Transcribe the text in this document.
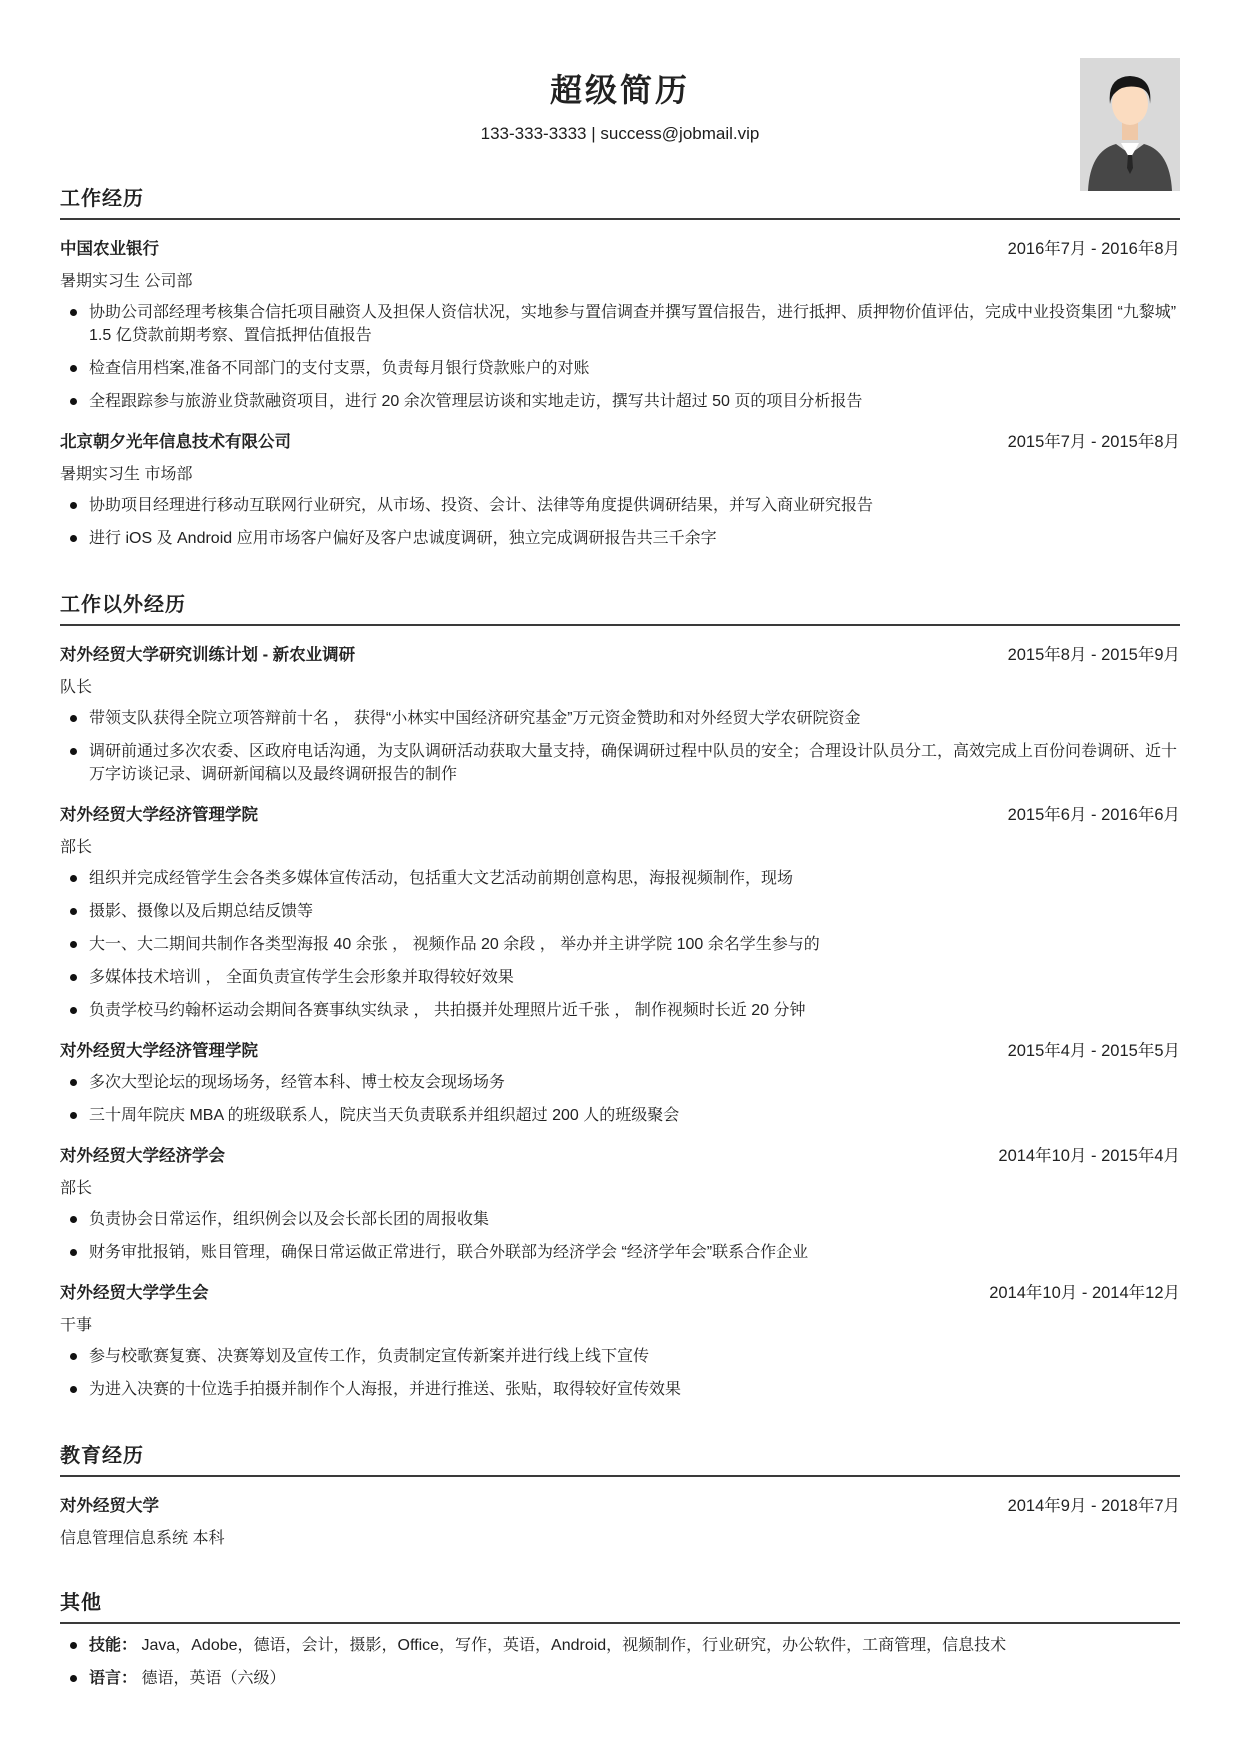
超级简历
133-333-3333 | success@jobmail.vip
工作经历
中国农业银行	2016年7月 - 2016年8月
暑期实习生 公司部
协助公司部经理考核集合信托项目融资人及担保人资信状况，实地参与置信调查并撰写置信报告，进行抵押、质押物价值评估，完成中业投资集团 “九黎城”1.5 亿贷款前期考察、置信抵押估值报告
检查信用档案,准备不同部门的支付支票，负责每月银行贷款账户的对账
全程跟踪参与旅游业贷款融资项目，进行 20 余次管理层访谈和实地走访，撰写共计超过 50 页的项目分析报告
北京朝夕光年信息技术有限公司	2015年7月 - 2015年8月
暑期实习生 市场部
协助项目经理进行移动互联网行业研究，从市场、投资、会计、法律等角度提供调研结果，并写入商业研究报告
进行 iOS 及 Android 应用市场客户偏好及客户忠诚度调研，独立完成调研报告共三千余字
工作以外经历
对外经贸大学研究训练计划 - 新农业调研	2015年8月 - 2015年9月
队长
带领支队获得全院立项答辩前十名 ， 获得“小林实中国经济研究基金”万元资金赞助和对外经贸大学农研院资金
调研前通过多次农委、区政府电话沟通，为支队调研活动获取大量支持，确保调研过程中队员的安全；合理设计队员分工，高效完成上百份问卷调研、近十万字访谈记录、调研新闻稿以及最终调研报告的制作
对外经贸大学经济管理学院	2015年6月 - 2016年6月
部长
组织并完成经管学生会各类多媒体宣传活动，包括重大文艺活动前期创意构思，海报视频制作，现场
摄影、摄像以及后期总结反馈等
大一、大二期间共制作各类型海报 40 余张 ， 视频作品 20 余段 ， 举办并主讲学院 100 余名学生参与的
多媒体技术培训 ， 全面负责宣传学生会形象并取得较好效果
负责学校马约翰杯运动会期间各赛事纨实纨录 ， 共拍摄并处理照片近千张 ， 制作视频时长近 20 分钟
对外经贸大学经济管理学院	2015年4月 - 2015年5月
多次大型论坛的现场场务，经管本科、博士校友会现场场务
三十周年院庆 MBA 的班级联系人，院庆当天负责联系并组织超过 200 人的班级聚会
对外经贸大学经济学会	2014年10月 - 2015年4月
部长
负责协会日常运作，组织例会以及会长部长团的周报收集
财务审批报销，账目管理，确保日常运做正常进行，联合外联部为经济学会 “经济学年会”联系合作企业
对外经贸大学学生会	2014年10月 - 2014年12月
干事
参与校歌赛复赛、决赛筹划及宣传工作，负责制定宣传新案并进行线上线下宣传
为进入决赛的十位选手拍摄并制作个人海报，并进行推送、张贴，取得较好宣传效果
教育经历
对外经贸大学	2014年9月 - 2018年7月
信息管理信息系统 本科
其他
技能： Java，Adobe，德语，会计，摄影，Office，写作，英语，Android，视频制作，行业研究，办公软件，工商管理，信息技术
语言： 德语，英语（六级）
